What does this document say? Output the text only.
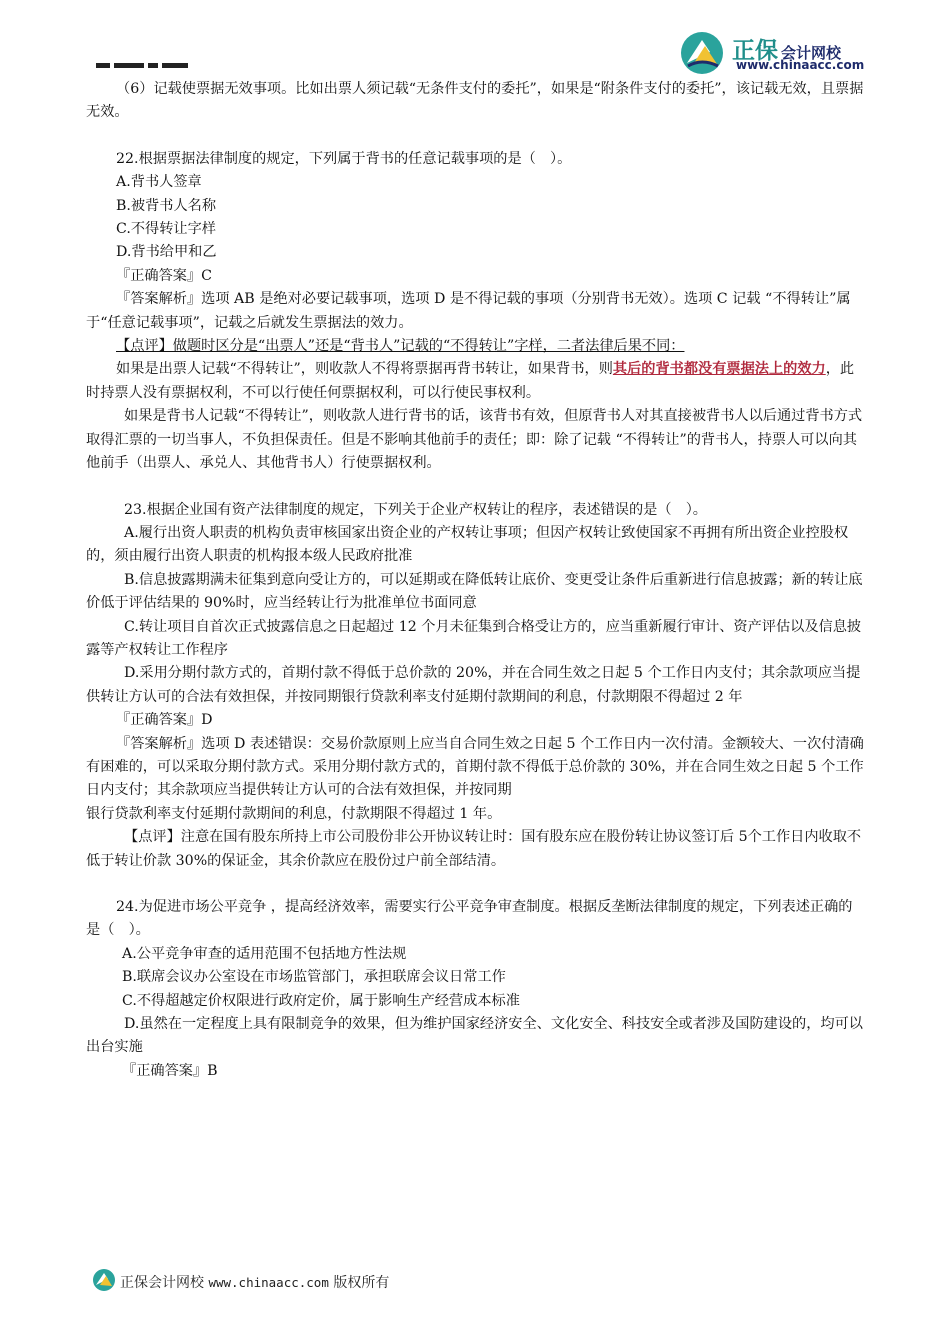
正保 会计网校
www.chinaacc.com

（6）记载使票据无效事项。比如出票人须记载“无条件支付的委托”，如果是“附条件支付的委托”，该记载无效，且票据无效。

22.根据票据法律制度的规定，下列属于背书的任意记载事项的是（　）。

A.背书人签章

B.被背书人名称

C.不得转让字样

D.背书给甲和乙

『正确答案』C

『答案解析』选项 AB 是绝对必要记载事项，选项 D 是不得记载的事项（分别背书无效）。选项 C 记载 “不得转让”属于“任意记载事项”，记载之后就发生票据法的效力。

【点评】做题时区分是“出票人”还是“背书人”记载的“不得转让”字样，二者法律后果不同：

如果是出票人记载“不得转让”，则收款人不得将票据再背书转让，如果背书，则其后的背书都没有票据法上的效力，此时持票人没有票据权利，不可以行使任何票据权利，可以行使民事权利。

如果是背书人记载“不得转让”，则收款人进行背书的话，该背书有效，但原背书人对其直接被背书人以后通过背书方式取得汇票的一切当事人，不负担保责任。但是不影响其他前手的责任；即：除了记载 “不得转让”的背书人，持票人可以向其他前手（出票人、承兑人、其他背书人）行使票据权利。

23.根据企业国有资产法律制度的规定，下列关于企业产权转让的程序，表述错误的是（　）。

A.履行出资人职责的机构负责审核国家出资企业的产权转让事项；但因产权转让致使国家不再拥有所出资企业控股权的，须由履行出资人职责的机构报本级人民政府批准

B.信息披露期满未征集到意向受让方的，可以延期或在降低转让底价、变更受让条件后重新进行信息披露；新的转让底价低于评估结果的 90%时，应当经转让行为批准单位书面同意

C.转让项目自首次正式披露信息之日起超过 12 个月未征集到合格受让方的，应当重新履行审计、资产评估以及信息披露等产权转让工作程序

D.采用分期付款方式的，首期付款不得低于总价款的 20%，并在合同生效之日起 5 个工作日内支付；其余款项应当提供转让方认可的合法有效担保，并按同期银行贷款利率支付延期付款期间的利息，付款期限不得超过 2 年

『正确答案』D

『答案解析』选项 D 表述错误：交易价款原则上应当自合同生效之日起 5 个工作日内一次付清。金额较大、一次付清确有困难的，可以采取分期付款方式。采用分期付款方式的，首期付款不得低于总价款的 30%，并在合同生效之日起 5 个工作日内支付；其余款项应当提供转让方认可的合法有效担保，并按同期

银行贷款利率支付延期付款期间的利息，付款期限不得超过 1 年。

【点评】注意在国有股东所持上市公司股份非公开协议转让时：国有股东应在股份转让协议签订后 5个工作日内收取不低于转让价款 30%的保证金，其余价款应在股份过户前全部结清。

24.为促进市场公平竞争 ，提高经济效率，需要实行公平竞争审查制度。根据反垄断法律制度的规定，下列表述正确的是（　）。

A.公平竞争审查的适用范围不包括地方性法规

B.联席会议办公室设在市场监管部门，承担联席会议日常工作

C.不得超越定价权限进行政府定价，属于影响生产经营成本标准

D.虽然在一定程度上具有限制竞争的效果，但为维护国家经济安全、文化安全、科技安全或者涉及国防建设的，均可以出台实施

『正确答案』B

正保会计网校 www.chinaacc.com 版权所有
